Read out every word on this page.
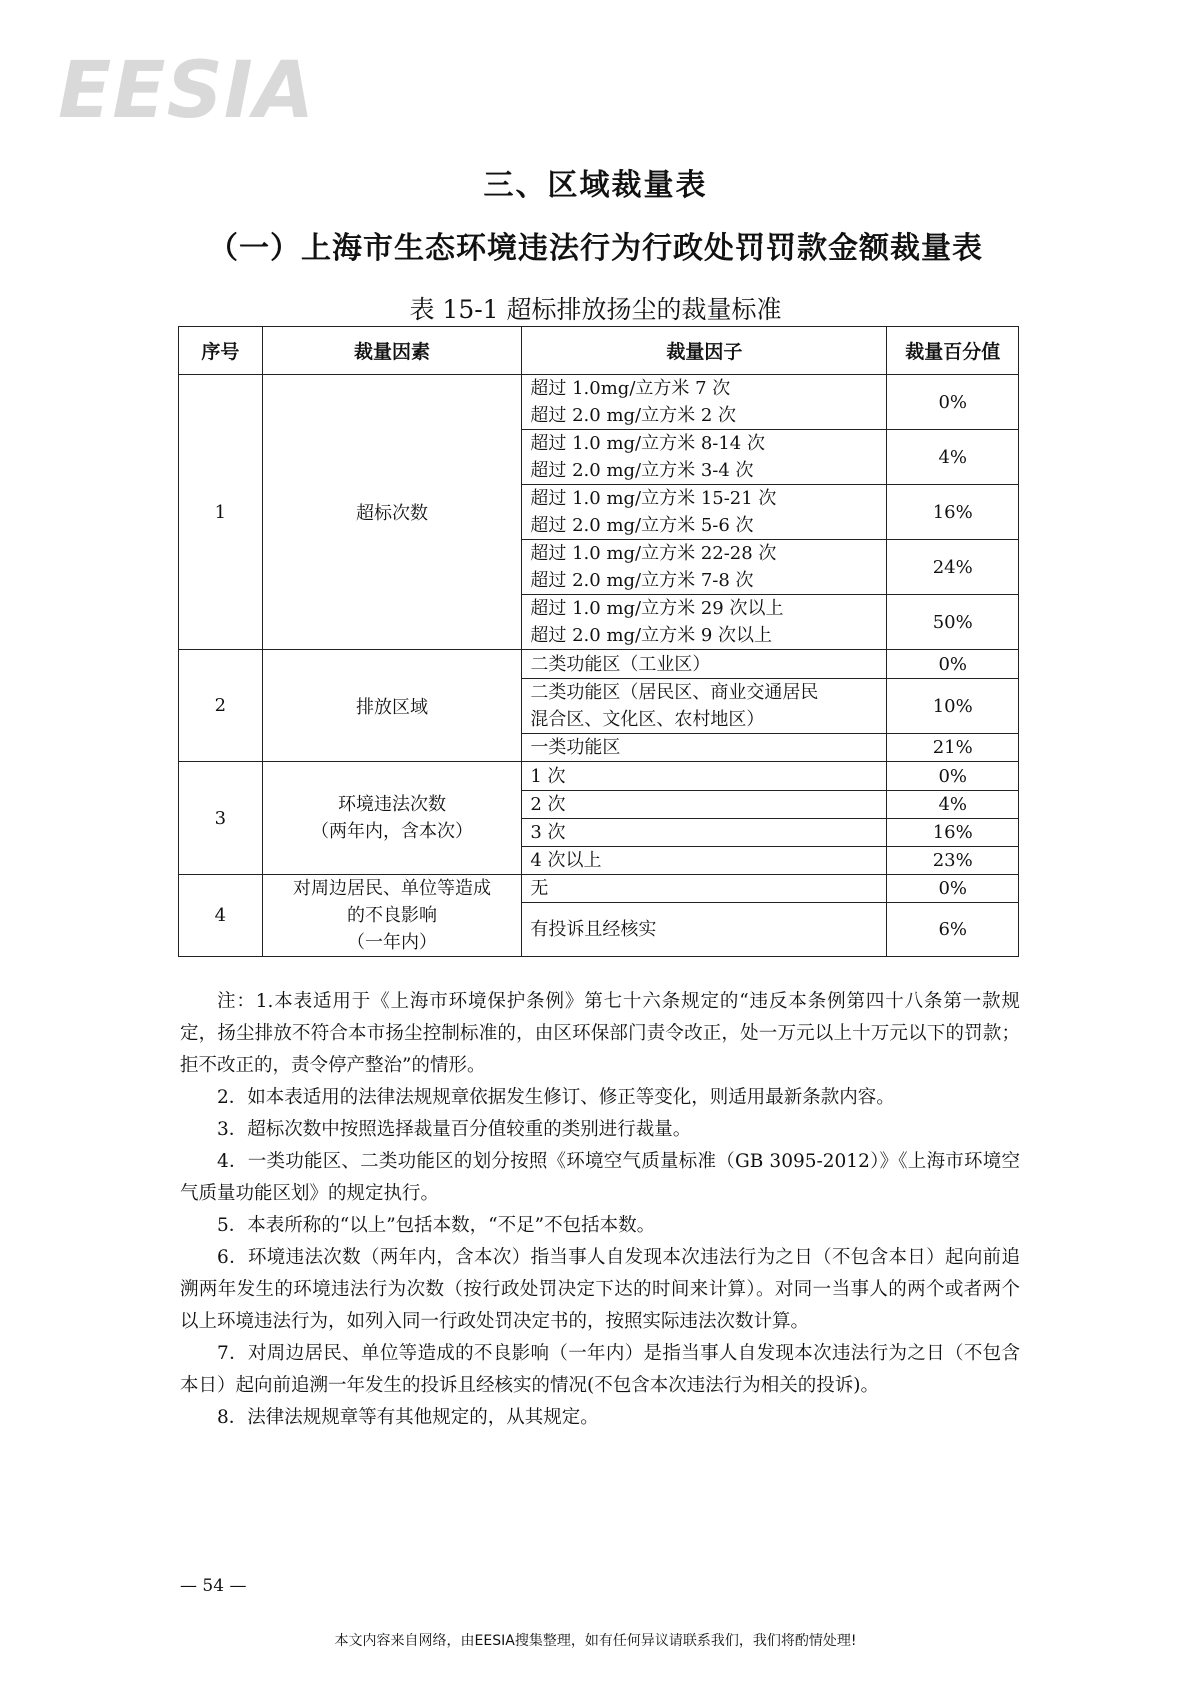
EESIA
三、区域裁量表
（一）上海市生态环境违法行为行政处罚罚款金额裁量表
表 15-1 超标排放扬尘的裁量标准
序号	裁量因素	裁量因子	裁量百分值
1	超标次数	超过 1.0mg/立方米 7 次
超过 2.0 mg/立方米 2 次	0%
		超过 1.0 mg/立方米 8-14 次
超过 2.0 mg/立方米 3-4 次	4%
		超过 1.0 mg/立方米 15-21 次
超过 2.0 mg/立方米 5-6 次	16%
		超过 1.0 mg/立方米 22-28 次
超过 2.0 mg/立方米 7-8 次	24%
		超过 1.0 mg/立方米 29 次以上
超过 2.0 mg/立方米 9 次以上	50%
2	排放区域	二类功能区（工业区）	0%
		二类功能区（居民区、商业交通居民
混合区、文化区、农村地区）	10%
		一类功能区	21%
3	环境违法次数
（两年内，含本次）	1 次	0%
		2 次	4%
		3 次	16%
		4 次以上	23%
4	对周边居民、单位等造成
的不良影响
（一年内）	无	0%
		有投诉且经核实	6%

注：1.本表适用于《上海市环境保护条例》第七十六条规定的“违反本条例第四十八条第一款规定，扬尘排放不符合本市扬尘控制标准的，由区环保部门责令改正，处一万元以上十万元以下的罚款；拒不改正的，责令停产整治”的情形。

2．如本表适用的法律法规规章依据发生修订、修正等变化，则适用最新条款内容。

3．超标次数中按照选择裁量百分值较重的类别进行裁量。

4．一类功能区、二类功能区的划分按照《环境空气质量标准（GB 3095-2012）》《上海市环境空气质量功能区划》的规定执行。

5．本表所称的“以上”包括本数，“不足”不包括本数。

6．环境违法次数（两年内，含本次）指当事人自发现本次违法行为之日（不包含本日）起向前追溯两年发生的环境违法行为次数（按行政处罚决定下达的时间来计算）。对同一当事人的两个或者两个以上环境违法行为，如列入同一行政处罚决定书的，按照实际违法次数计算。

7．对周边居民、单位等造成的不良影响（一年内）是指当事人自发现本次违法行为之日（不包含本日）起向前追溯一年发生的投诉且经核实的情况(不包含本次违法行为相关的投诉)。

8．法律法规规章等有其他规定的，从其规定。

— 54 —
本文内容来自网络，由EESIA搜集整理，如有任何异议请联系我们，我们将酌情处理!
